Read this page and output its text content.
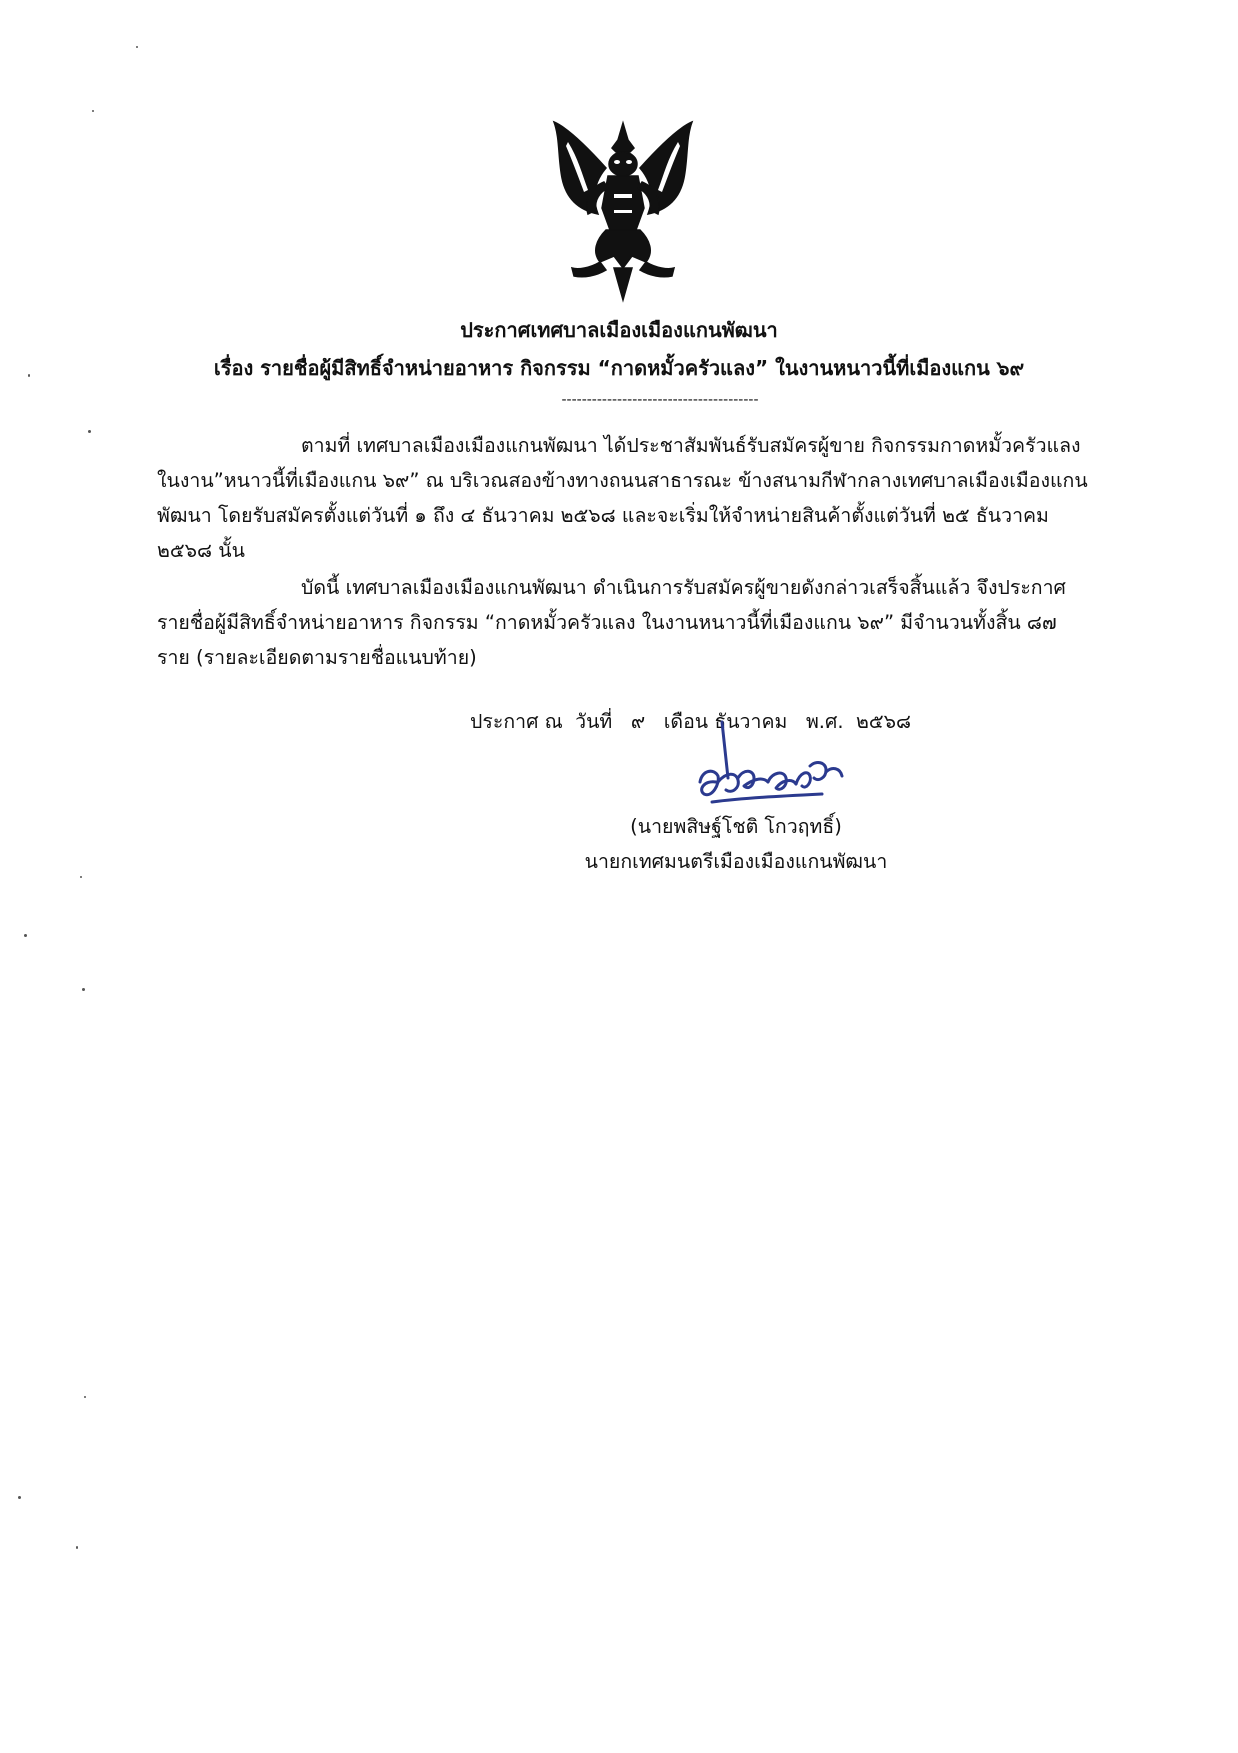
ประกาศเทศบาลเมืองเมืองแกนพัฒนา
เรื่อง รายชื่อผู้มีสิทธิ์จำหน่ายอาหาร กิจกรรม “กาดหมั้วครัวแลง” ในงานหนาวนี้ที่เมืองแกน ๖๙
---------------------------------------
ตามที่ เทศบาลเมืองเมืองแกนพัฒนา ได้ประชาสัมพันธ์รับสมัครผู้ขาย กิจกรรมกาดหมั้วครัวแลง
ในงาน”หนาวนี้ที่เมืองแกน ๖๙” ณ บริเวณสองข้างทางถนนสาธารณะ ข้างสนามกีฬากลางเทศบาลเมืองเมืองแกน
พัฒนา โดยรับสมัครตั้งแต่วันที่ ๑ ถึง ๔ ธันวาคม ๒๕๖๘ และจะเริ่มให้จำหน่ายสินค้าตั้งแต่วันที่ ๒๕ ธันวาคม
๒๕๖๘ นั้น
บัดนี้ เทศบาลเมืองเมืองแกนพัฒนา ดำเนินการรับสมัครผู้ขายดังกล่าวเสร็จสิ้นแล้ว จึงประกาศ
รายชื่อผู้มีสิทธิ์จำหน่ายอาหาร กิจกรรม “กาดหมั้วครัวแลง ในงานหนาวนี้ที่เมืองแกน ๖๙” มีจำนวนทั้งสิ้น ๘๗
ราย (รายละเอียดตามรายชื่อแนบท้าย)
ประกาศ ณ  วันที่   ๙   เดือน ธันวาคม   พ.ศ.  ๒๕๖๘
(นายพสิษฐ์โชติ โกวฤทธิ์)
นายกเทศมนตรีเมืองเมืองแกนพัฒนา
